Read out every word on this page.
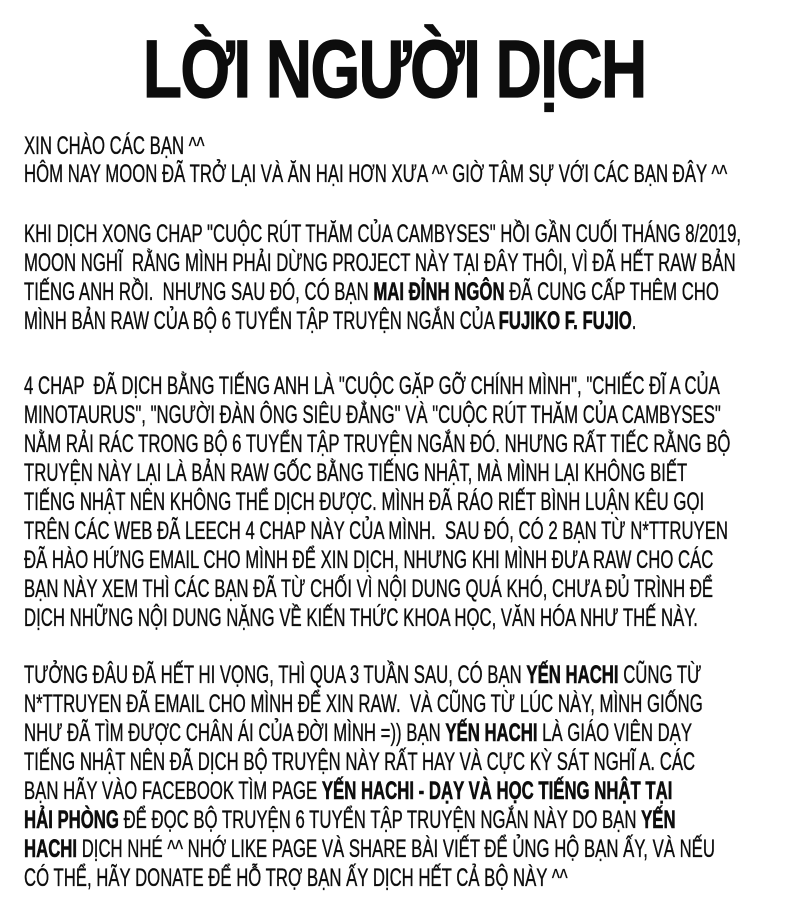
LỜI NGƯỜI DỊCH
XIN CHÀO CÁC BẠN ^^
HÔM NAY MOON ĐÃ TRỞ LẠI VÀ ĂN HẠI HƠN XƯA ^^ GIỜ TÂM SỰ VỚI CÁC BẠN ĐÂY ^^
KHI DỊCH XONG CHAP "CUỘC RÚT THĂM CỦA CAMBYSES" HỒI GẦN CUỐI THÁNG 8/2019,
MOON NGHĨ  RẰNG MÌNH PHẢI DỪNG PROJECT NÀY TẠI ĐÂY THÔI, VÌ ĐÃ HẾT RAW BẢN
TIẾNG ANH RỒI.  NHƯNG SAU ĐÓ, CÓ BẠN MAI ĐỈNH NGÔN ĐÃ CUNG CẤP THÊM CHO
MÌNH BẢN RAW CỦA BỘ 6 TUYỂN TẬP TRUYỆN NGẮN CỦA FUJIKO F. FUJIO.
4 CHAP  ĐÃ DỊCH BẰNG TIẾNG ANH LÀ "CUỘC GẶP GỠ CHÍNH MÌNH", "CHIẾC ĐĨ A CỦA
MINOTAURUS", "NGƯỜI ĐÀN ÔNG SIÊU ĐẲNG" VÀ "CUỘC RÚT THĂM CỦA CAMBYSES"
NẰM RẢI RÁC TRONG BỘ 6 TUYỂN TẬP TRUYỆN NGẮN ĐÓ. NHƯNG RẤT TIẾC RẰNG BỘ
TRUYỆN NÀY LẠI LÀ BẢN RAW GỐC BẰNG TIẾNG NHẬT, MÀ MÌNH LẠI KHÔNG BIẾT
TIẾNG NHẬT NÊN KHÔNG THỂ DỊCH ĐƯỢC. MÌNH ĐÃ RÁO RIẾT BÌNH LUẬN KÊU GỌI
TRÊN CÁC WEB ĐÃ LEECH 4 CHAP NÀY CỦA MÌNH.  SAU ĐÓ, CÓ 2 BẠN TỪ N*TTRUYEN
ĐÃ HÀO HỨNG EMAIL CHO MÌNH ĐỂ XIN DỊCH, NHƯNG KHI MÌNH ĐƯA RAW CHO CÁC
BẠN NÀY XEM THÌ CÁC BẠN ĐÃ TỪ CHỐI VÌ NỘI DUNG QUÁ KHÓ, CHƯA ĐỦ TRÌNH ĐỂ
DỊCH NHỮNG NỘI DUNG NẶNG VỀ KIẾN THỨC KHOA HỌC, VĂN HÓA NHƯ THẾ NÀY.
TƯỞNG ĐÂU ĐÃ HẾT HI VỌNG, THÌ QUA 3 TUẦN SAU, CÓ BẠN YẾN HACHI CŨNG TỪ
N*TTRUYEN ĐÃ EMAIL CHO MÌNH ĐỂ XIN RAW.  VÀ CŨNG TỪ LÚC NÀY, MÌNH GIỐNG
NHƯ ĐÃ TÌM ĐƯỢC CHÂN ÁI CỦA ĐỜI MÌNH =)) BẠN YẾN HACHI LÀ GIÁO VIÊN DẠY
TIẾNG NHẬT NÊN ĐÃ DỊCH BỘ TRUYỆN NÀY RẤT HAY VÀ CỰC KỲ SÁT NGHĨ A. CÁC
BẠN HÃY VÀO FACEBOOK TÌM PAGE YẾN HACHI - DẠY VÀ HỌC TIẾNG NHẬT TẠI
HẢI PHÒNG ĐỂ ĐỌC BỘ TRUYỆN 6 TUYỂN TẬP TRUYỆN NGẮN NÀY DO BẠN YẾN
HACHI DỊCH NHÉ ^^ NHỚ LIKE PAGE VÀ SHARE BÀI VIẾT ĐỂ ỦNG HỘ BẠN ẤY, VÀ NẾU
CÓ THỂ, HÃY DONATE ĐỂ HỖ TRỢ BẠN ẤY DỊCH HẾT CẢ BỘ NÀY ^^
